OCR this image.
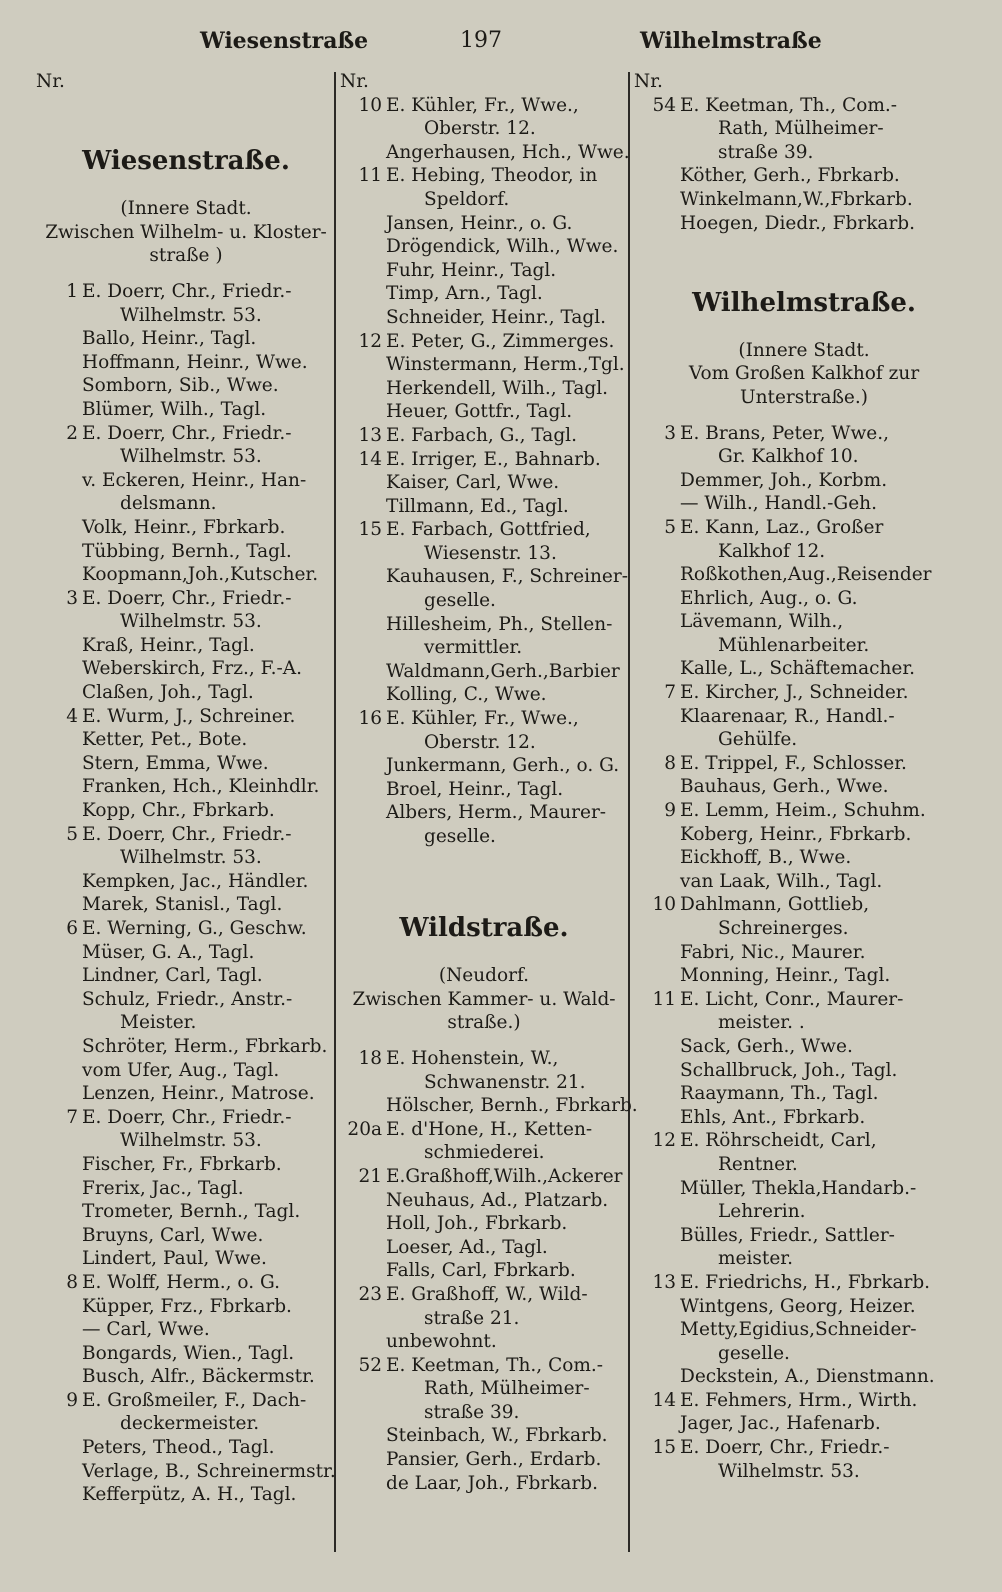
Wiesenstraße	197	Wilhelmstraße
Nr.
Wiesenstraße.
(Innere Stadt.
Zwischen Wilhelm- u. Kloster-
straße )
1 E. Doerr, Chr., Friedr.-
Wilhelmstr. 53.
Ballo, Heinr., Tagl.
Hoffmann, Heinr., Wwe.
Somborn, Sib., Wwe.
Blümer, Wilh., Tagl.
2 E. Doerr, Chr., Friedr.-
Wilhelmstr. 53.
v. Eckeren, Heinr., Han-
delsmann.
Volk, Heinr., Fbrkarb.
Tübbing, Bernh., Tagl.
Koopmann,Joh.,Kutscher.
3 E. Doerr, Chr., Friedr.-
Wilhelmstr. 53.
Kraß, Heinr., Tagl.
Weberskirch, Frz., F.-A.
Claßen, Joh., Tagl.
4 E. Wurm, J., Schreiner.
Ketter, Pet., Bote.
Stern, Emma, Wwe.
Franken, Hch., Kleinhdlr.
Kopp, Chr., Fbrkarb.
5 E. Doerr, Chr., Friedr.-
Wilhelmstr. 53.
Kempken, Jac., Händler.
Marek, Stanisl., Tagl.
6 E. Werning, G., Geschw.
Müser, G. A., Tagl.
Lindner, Carl, Tagl.
Schulz, Friedr., Anstr.-
Meister.
Schröter, Herm., Fbrkarb.
vom Ufer, Aug., Tagl.
Lenzen, Heinr., Matrose.
7 E. Doerr, Chr., Friedr.-
Wilhelmstr. 53.
Fischer, Fr., Fbrkarb.
Frerix, Jac., Tagl.
Trometer, Bernh., Tagl.
Bruyns, Carl, Wwe.
Lindert, Paul, Wwe.
8 E. Wolff, Herm., o. G.
Küpper, Frz., Fbrkarb.
— Carl, Wwe.
Bongards, Wien., Tagl.
Busch, Alfr., Bäckermstr.
9 E. Großmeiler, F., Dach-
deckermeister.
Peters, Theod., Tagl.
Verlage, B., Schreinermstr.
Kefferpütz, A. H., Tagl.
Nr.
10 E. Kühler, Fr., Wwe.,
Oberstr. 12.
Angerhausen, Hch., Wwe.
11 E. Hebing, Theodor, in
Speldorf.
Jansen, Heinr., o. G.
Drögendick, Wilh., Wwe.
Fuhr, Heinr., Tagl.
Timp, Arn., Tagl.
Schneider, Heinr., Tagl.
12 E. Peter, G., Zimmerges.
Winstermann, Herm.,Tgl.
Herkendell, Wilh., Tagl.
Heuer, Gottfr., Tagl.
13 E. Farbach, G., Tagl.
14 E. Irriger, E., Bahnarb.
Kaiser, Carl, Wwe.
Tillmann, Ed., Tagl.
15 E. Farbach, Gottfried,
Wiesenstr. 13.
Kauhausen, F., Schreiner-
geselle.
Hillesheim, Ph., Stellen-
vermittler.
Waldmann,Gerh.,Barbier
Kolling, C., Wwe.
16 E. Kühler, Fr., Wwe.,
Oberstr. 12.
Junkermann, Gerh., o. G.
Broel, Heinr., Tagl.
Albers, Herm., Maurer-
geselle.
Wildstraße.
(Neudorf.
Zwischen Kammer- u. Wald-
straße.)
18 E. Hohenstein, W.,
Schwanenstr. 21.
Hölscher, Bernh., Fbrkarb.
20a E. d'Hone, H., Ketten-
schmiederei.
21 E.Graßhoff,Wilh.,Ackerer
Neuhaus, Ad., Platzarb.
Holl, Joh., Fbrkarb.
Loeser, Ad., Tagl.
Falls, Carl, Fbrkarb.
23 E. Graßhoff, W., Wild-
straße 21.
unbewohnt.
52 E. Keetman, Th., Com.-
Rath, Mülheimer-
straße 39.
Steinbach, W., Fbrkarb.
Pansier, Gerh., Erdarb.
de Laar, Joh., Fbrkarb.
Nr.
54 E. Keetman, Th., Com.-
Rath, Mülheimer-
straße 39.
Köther, Gerh., Fbrkarb.
Winkelmann,W.,Fbrkarb.
Hoegen, Diedr., Fbrkarb.
Wilhelmstraße.
(Innere Stadt.
Vom Großen Kalkhof zur
Unterstraße.)
3 E. Brans, Peter, Wwe.,
Gr. Kalkhof 10.
Demmer, Joh., Korbm.
— Wilh., Handl.-Geh.
5 E. Kann, Laz., Großer
Kalkhof 12.
Roßkothen,Aug.,Reisender
Ehrlich, Aug., o. G.
Lävemann, Wilh.,
Mühlenarbeiter.
Kalle, L., Schäftemacher.
7 E. Kircher, J., Schneider.
Klaarenaar, R., Handl.-
Gehülfe.
8 E. Trippel, F., Schlosser.
Bauhaus, Gerh., Wwe.
9 E. Lemm, Heim., Schuhm.
Koberg, Heinr., Fbrkarb.
Eickhoff, B., Wwe.
van Laak, Wilh., Tagl.
10 Dahlmann, Gottlieb,
Schreinerges.
Fabri, Nic., Maurer.
Monning, Heinr., Tagl.
11 E. Licht, Conr., Maurer-
meister. .
Sack, Gerh., Wwe.
Schallbruck, Joh., Tagl.
Raaymann, Th., Tagl.
Ehls, Ant., Fbrkarb.
12 E. Röhrscheidt, Carl,
Rentner.
Müller, Thekla,Handarb.-
Lehrerin.
Bülles, Friedr., Sattler-
meister.
13 E. Friedrichs, H., Fbrkarb.
Wintgens, Georg, Heizer.
Metty,Egidius,Schneider-
geselle.
Deckstein, A., Dienstmann.
14 E. Fehmers, Hrm., Wirth.
Jager, Jac., Hafenarb.
15 E. Doerr, Chr., Friedr.-
Wilhelmstr. 53.
